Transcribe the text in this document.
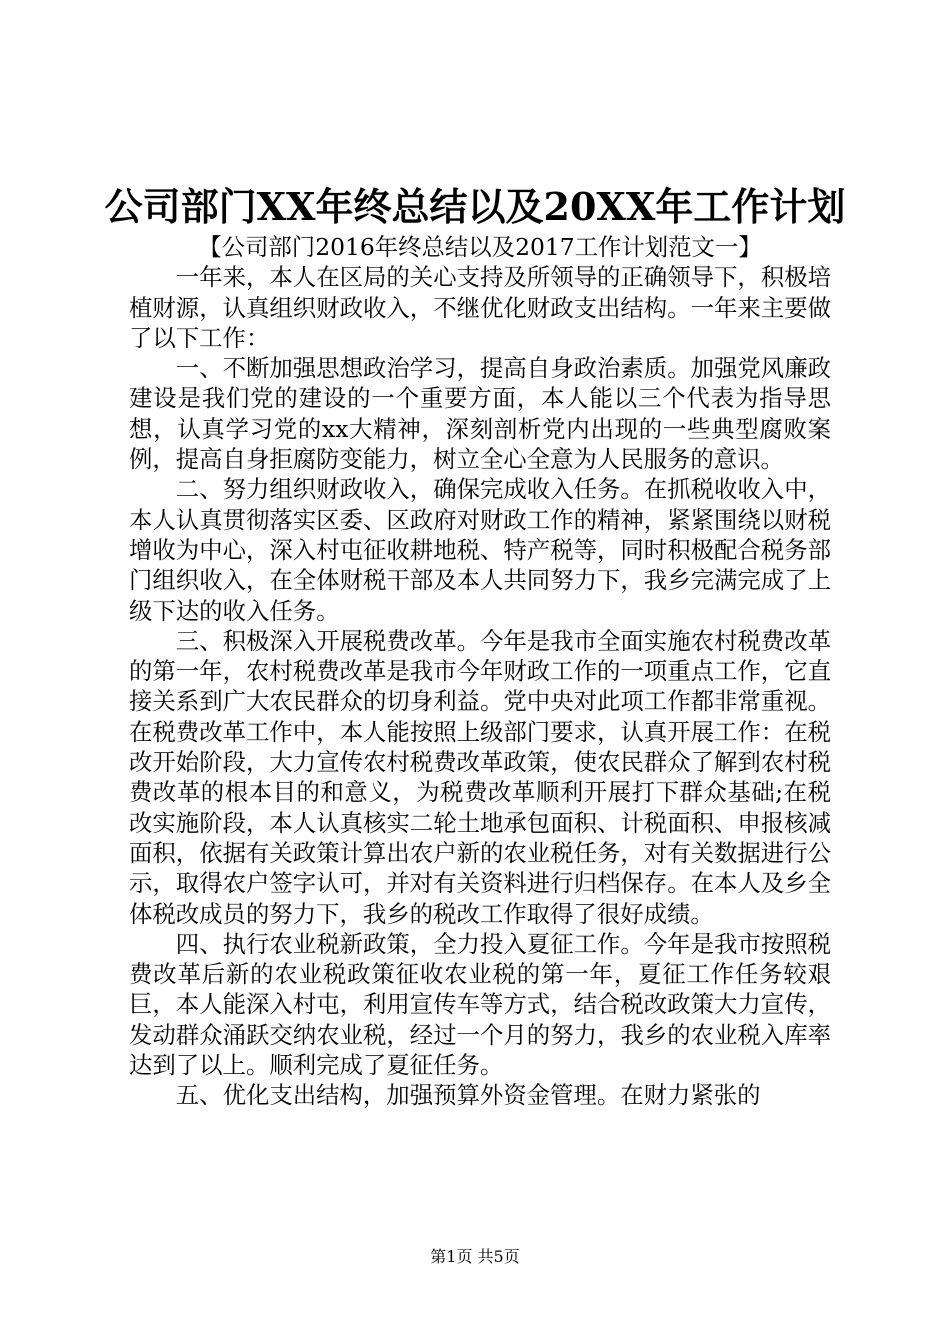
公司部门XX年终总结以及20XX年工作计划

【公司部门2016年终总结以及2017工作计划范文一】

一年来，本人在区局的关心支持及所领导的正确领导下，积极培植财源，认真组织财政收入，不继优化财政支出结构。一年来主要做了以下工作：

一、不断加强思想政治学习，提高自身政治素质。加强党风廉政建设是我们党的建设的一个重要方面，本人能以三个代表为指导思想，认真学习党的xx大精神，深刻剖析党内出现的一些典型腐败案例，提高自身拒腐防变能力，树立全心全意为人民服务的意识。

二、努力组织财政收入，确保完成收入任务。在抓税收收入中，本人认真贯彻落实区委、区政府对财政工作的精神，紧紧围绕以财税增收为中心，深入村屯征收耕地税、特产税等，同时积极配合税务部门组织收入，在全体财税干部及本人共同努力下，我乡完满完成了上级下达的收入任务。

三、积极深入开展税费改革。今年是我市全面实施农村税费改革的第一年，农村税费改革是我市今年财政工作的一项重点工作，它直接关系到广大农民群众的切身利益。党中央对此项工作都非常重视。在税费改革工作中，本人能按照上级部门要求，认真开展工作：在税改开始阶段，大力宣传农村税费改革政策，使农民群众了解到农村税费改革的根本目的和意义，为税费改革顺利开展打下群众基础;在税改实施阶段，本人认真核实二轮土地承包面积、计税面积、申报核减面积，依据有关政策计算出农户新的农业税任务，对有关数据进行公示，取得农户签字认可，并对有关资料进行归档保存。在本人及乡全体税改成员的努力下，我乡的税改工作取得了很好成绩。

四、执行农业税新政策，全力投入夏征工作。今年是我市按照税费改革后新的农业税政策征收农业税的第一年，夏征工作任务较艰巨，本人能深入村屯，利用宣传车等方式，结合税改政策大力宣传，发动群众涌跃交纳农业税，经过一个月的努力，我乡的农业税入库率达到了以上。顺利完成了夏征任务。

五、优化支出结构，加强预算外资金管理。在财力紧张的

第1页 共5页
